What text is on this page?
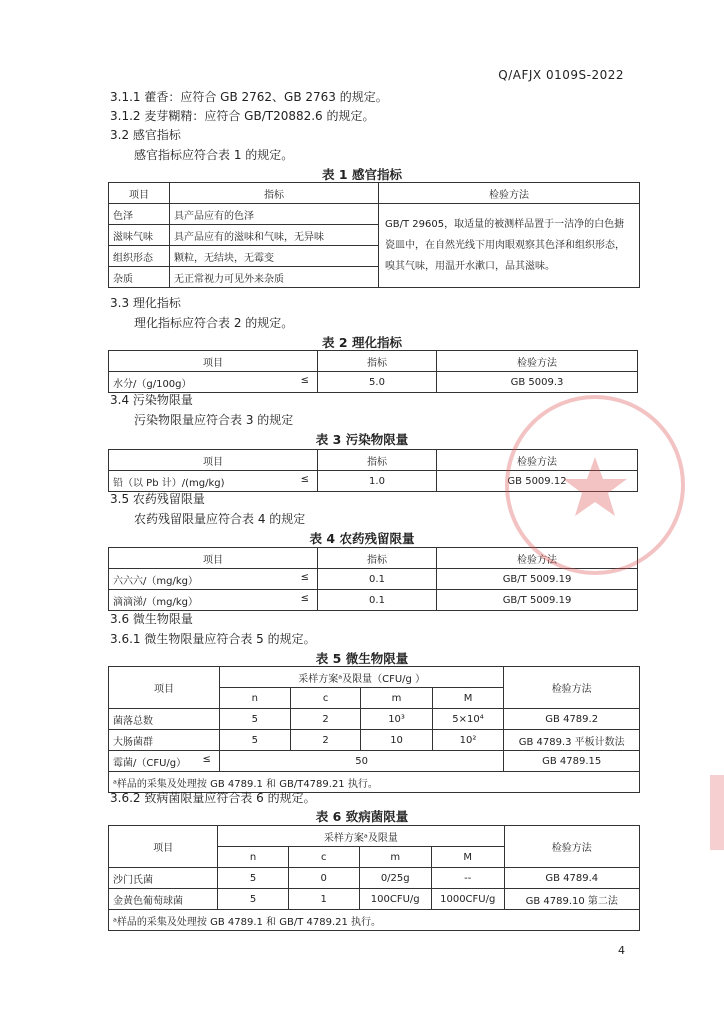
Q/AFJX 0109S-2022
3.1.1 藿香：应符合 GB 2762、GB 2763 的规定。
3.1.2 麦芽糊精：应符合 GB/T20882.6 的规定。
3.2 感官指标
感官指标应符合表 1 的规定。
表 1 感官指标
项目	指标	检验方法
色泽	具产品应有的色泽	GB/T 29605，取适量的被测样品置于一洁净的白色搪瓷皿中，在自然光线下用肉眼观察其色泽和组织形态，嗅其气味，用温开水漱口，品其滋味。
滋味气味	具产品应有的滋味和气味，无异味	
组织形态	颗粒，无结块，无霉变	
杂质	无正常视力可见外来杂质	
3.3 理化指标
理化指标应符合表 2 的规定。
表 2 理化指标
项目	指标	检验方法
水分/（g/100g） ≤	5.0	GB 5009.3
3.4 污染物限量
污染物限量应符合表 3 的规定
表 3 污染物限量
项目	指标	检验方法
铅（以 Pb 计）/(mg/kg) ≤	1.0	GB 5009.12
3.5 农药残留限量
农药残留限量应符合表 4 的规定
表 4 农药残留限量
项目	指标	检验方法
六六六/（mg/kg） ≤	0.1	GB/T 5009.19
滴滴涕/（mg/kg） ≤	0.1	GB/T 5009.19
3.6 微生物限量
3.6.1 微生物限量应符合表 5 的规定。
表 5 微生物限量
项目	采样方案ᵃ及限量（CFU/g ）				检验方法
	n	c	m	M	
菌落总数	5	2	10³	5×10⁴	GB 4789.2
大肠菌群	5	2	10	10²	GB 4789.3 平板计数法
霉菌/（CFU/g） ≤	50				GB 4789.15
ᵃ样品的采集及处理按 GB 4789.1 和 GB/T4789.21 执行。					
3.6.2 致病菌限量应符合表 6 的规定。
表 6 致病菌限量
项目	采样方案ᵃ及限量				检验方法
	n	c	m	M	
沙门氏菌	5	0	0/25g	--	GB 4789.4
金黄色葡萄球菌	5	1	100CFU/g	1000CFU/g	GB 4789.10 第二法
ᵃ样品的采集及处理按 GB 4789.1 和 GB/T 4789.21 执行。					
4
